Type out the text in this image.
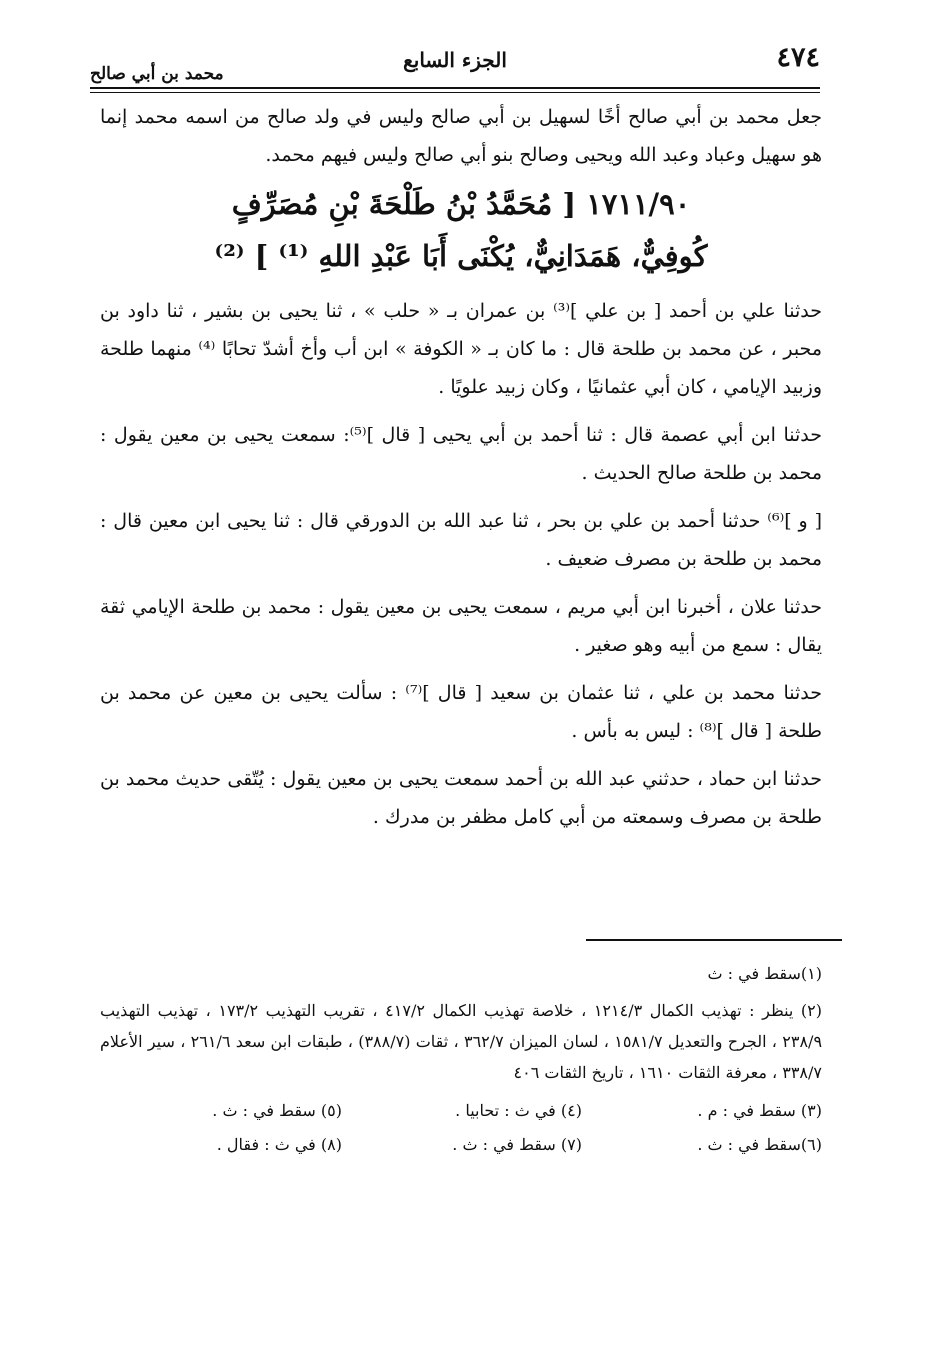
٤٧٤
الجزء السابع
محمد بن أبي صالح

جعل محمد بن أبي صالح أخًا لسهيل بن أبي صالح وليس في ولد صالح من اسمه محمد إنما هو سهيل وعباد وعبد الله ويحيى وصالح بنو أبي صالح وليس فيهم محمد.

١٧١١/٩٠ [ مُحَمَّدُ بْنُ طَلْحَةَ بْنِ مُصَرِّفٍ
كُوفِيٌّ، هَمَدَانِيٌّ، يُكْنَى أَبَا عَبْدِ اللهِ ⁽¹⁾ ] ⁽²⁾

حدثنا علي بن أحمد [ بن علي ]⁽³⁾ بن عمران بـ « حلب » ، ثنا يحيى بن بشير ، ثنا داود بن محبر ، عن محمد بن طلحة قال : ما كان بـ « الكوفة » ابن أب وأخ أشدّ تحابًا ⁽⁴⁾ منهما طلحة وزبيد الإيامي ، كان أبي عثمانيًا ، وكان زبيد علويًا .

حدثنا ابن أبي عصمة قال : ثنا أحمد بن أبي يحيى [ قال ]⁽⁵⁾: سمعت يحيى بن معين يقول : محمد بن طلحة صالح الحديث .

[ و ]⁽⁶⁾ حدثنا أحمد بن علي بن بحر ، ثنا عبد الله بن الدورقي قال : ثنا يحيى ابن معين قال : محمد بن طلحة بن مصرف ضعيف .

حدثنا علان ، أخبرنا ابن أبي مريم ، سمعت يحيى بن معين يقول : محمد بن طلحة الإيامي ثقة يقال : سمع من أبيه وهو صغير .

حدثنا محمد بن علي ، ثنا عثمان بن سعيد [ قال ]⁽⁷⁾ : سألت يحيى بن معين عن محمد بن طلحة [ قال ]⁽⁸⁾ : ليس به بأس .

حدثنا ابن حماد ، حدثني عبد الله بن أحمد سمعت يحيى بن معين يقول : يُتّقى حديث محمد بن طلحة بن مصرف وسمعته من أبي كامل مظفر بن مدرك .

(١)سقط في : ث

(٢) ينظر : تهذيب الكمال ١٢١٤/٣ ، خلاصة تهذيب الكمال ٤١٧/٢ ، تقريب التهذيب ١٧٣/٢ ، تهذيب التهذيب ٢٣٨/٩ ، الجرح والتعديل ١٥٨١/٧ ، لسان الميزان ٣٦٢/٧ ، ثقات (٣٨٨/٧) ، طبقات ابن سعد ٢٦١/٦ ، سير الأعلام ٣٣٨/٧ ، معرفة الثقات ١٦١٠ ، تاريخ الثقات ٤٠٦

(٣) سقط في : م .
(٤) في ث : تحابيا .
(٥) سقط في : ث .
(٦)سقط في : ث .
(٧) سقط في : ث .
(٨) في ث : فقال .
